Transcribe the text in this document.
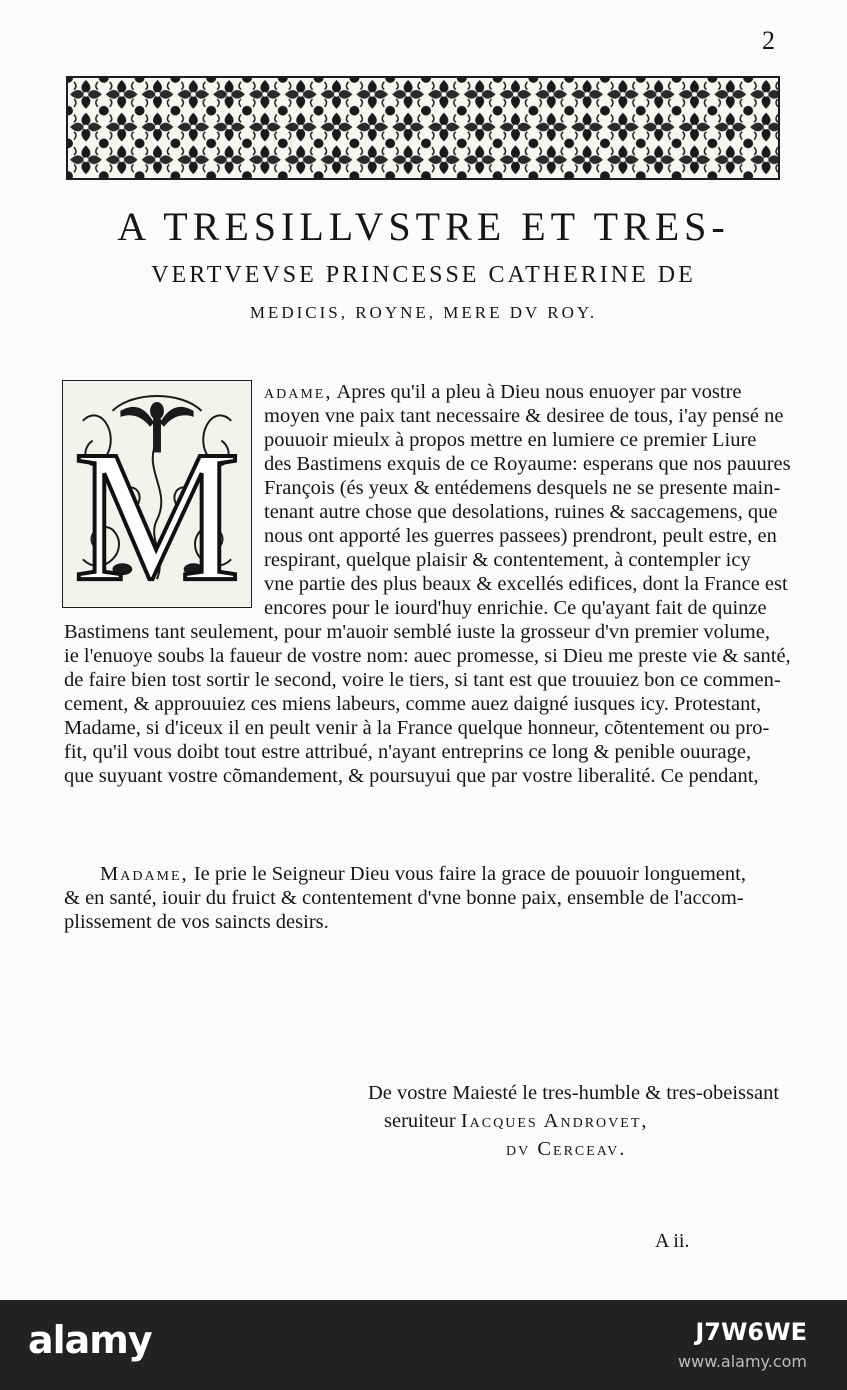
2
A TRESILLVSTRE ET TRES-
VERTVEVSE PRINCESSE CATHERINE DE
MEDICIS, ROYNE, MERE DV ROY.
M
adame, Apres qu'il a pleu à Dieu nous enuoyer par vostre
moyen vne paix tant necessaire & desiree de tous, i'ay pensé ne
pouuoir mieulx à propos mettre en lumiere ce premier Liure
des Bastimens exquis de ce Royaume: esperans que nos pauures
François (és yeux & entédemens desquels ne se presente main-
tenant autre chose que desolations, ruines & saccagemens, que
nous ont apporté les guerres passees) prendront, peult estre, en
respirant, quelque plaisir & contentement, à contempler icy
vne partie des plus beaux & excellés edifices, dont la France est
encores pour le iourd'huy enrichie. Ce qu'ayant fait de quinze
Bastimens tant seulement, pour m'auoir semblé iuste la grosseur d'vn premier volume,
ie l'enuoye soubs la faueur de vostre nom: auec promesse, si Dieu me preste vie & santé,
de faire bien tost sortir le second, voire le tiers, si tant est que trouuiez bon ce commen-
cement, & approuuiez ces miens labeurs, comme auez daigné iusques icy. Protestant,
Madame, si d'iceux il en peult venir à la France quelque honneur, cõtentement ou pro-
fit, qu'il vous doibt tout estre attribué, n'ayant entreprins ce long & penible ouurage,
que suyuant vostre cõmandement, & poursuyui que par vostre liberalité. Ce pendant,
Madame, Ie prie le Seigneur Dieu vous faire la grace de pouuoir longuement,
& en santé, iouir du fruict & contentement d'vne bonne paix, ensemble de l'accom-
plissement de vos saincts desirs.
De vostre Maiesté le tres-humble & tres-obeissant
seruiteur Iacques Androvet,
dv Cerceav.
A ii.
alamy	J7W6WE
www.alamy.com
